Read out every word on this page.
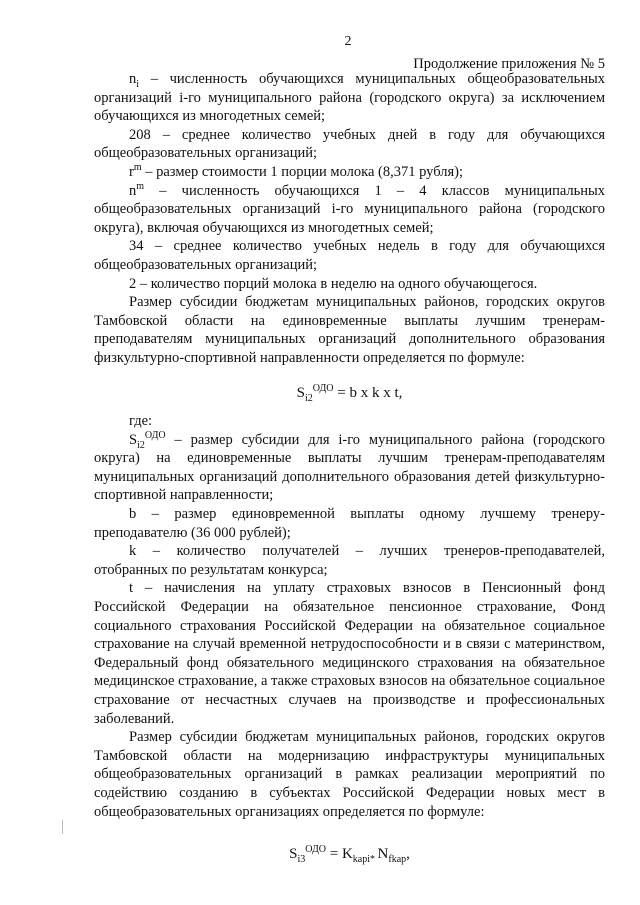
2
Продолжение приложения № 5

$n_i$ – численность обучающихся муниципальных общеобразовательных организаций i-го муниципального района (городского округа) за исключением обучающихся из многодетных семей;

208 – среднее количество учебных дней в году для обучающихся общеобразовательных организаций;

$r^m$ – размер стоимости 1 порции молока (8,371 рубля);

$n^m$ – численность обучающихся 1 – 4 классов муниципальных общеобразовательных организаций i-го муниципального района (городского округа), включая обучающихся из многодетных семей;

34 – среднее количество учебных недель в году для обучающихся общеобразовательных организаций;

2 – количество порций молока в неделю на одного обучающегося.

Размер субсидии бюджетам муниципальных районов, городских округов Тамбовской области на единовременные выплаты лучшим тренерам-преподавателям муниципальных организаций дополнительного образования физкультурно-спортивной направленности определяется по формуле:

$S_{i2}^{ОДО} = b$ x k x t,

где:

$S_{i2}^{ОДО}$ – размер субсидии для i-го муниципального района (городского округа) на единовременные выплаты лучшим тренерам-преподавателям муниципальных организаций дополнительного образования детей физкультурно-спортивной направленности;

b – размер единовременной выплаты одному лучшему тренеру-преподавателю (36 000 рублей);

k – количество получателей – лучших тренеров-преподавателей, отобранных по результатам конкурса;

t – начисления на уплату страховых взносов в Пенсионный фонд Российской Федерации на обязательное пенсионное страхование, Фонд социального страхования Российской Федерации на обязательное социальное страхование на случай временной нетрудоспособности и в связи с материнством, Федеральный фонд обязательного медицинского страхования на обязательное медицинское страхование, а также страховых взносов на обязательное социальное страхование от несчастных случаев на производстве и профессиональных заболеваний.

Размер субсидии бюджетам муниципальных районов, городских округов Тамбовской области на модернизацию инфраструктуры муниципальных общеобразовательных организаций в рамках реализации мероприятий по содействию созданию в субъектах Российской Федерации новых мест в общеобразовательных организациях определяется по формуле:

$S_{i3}^{ОДО} = K_{kapi*}$ $N_{fkap}$,
